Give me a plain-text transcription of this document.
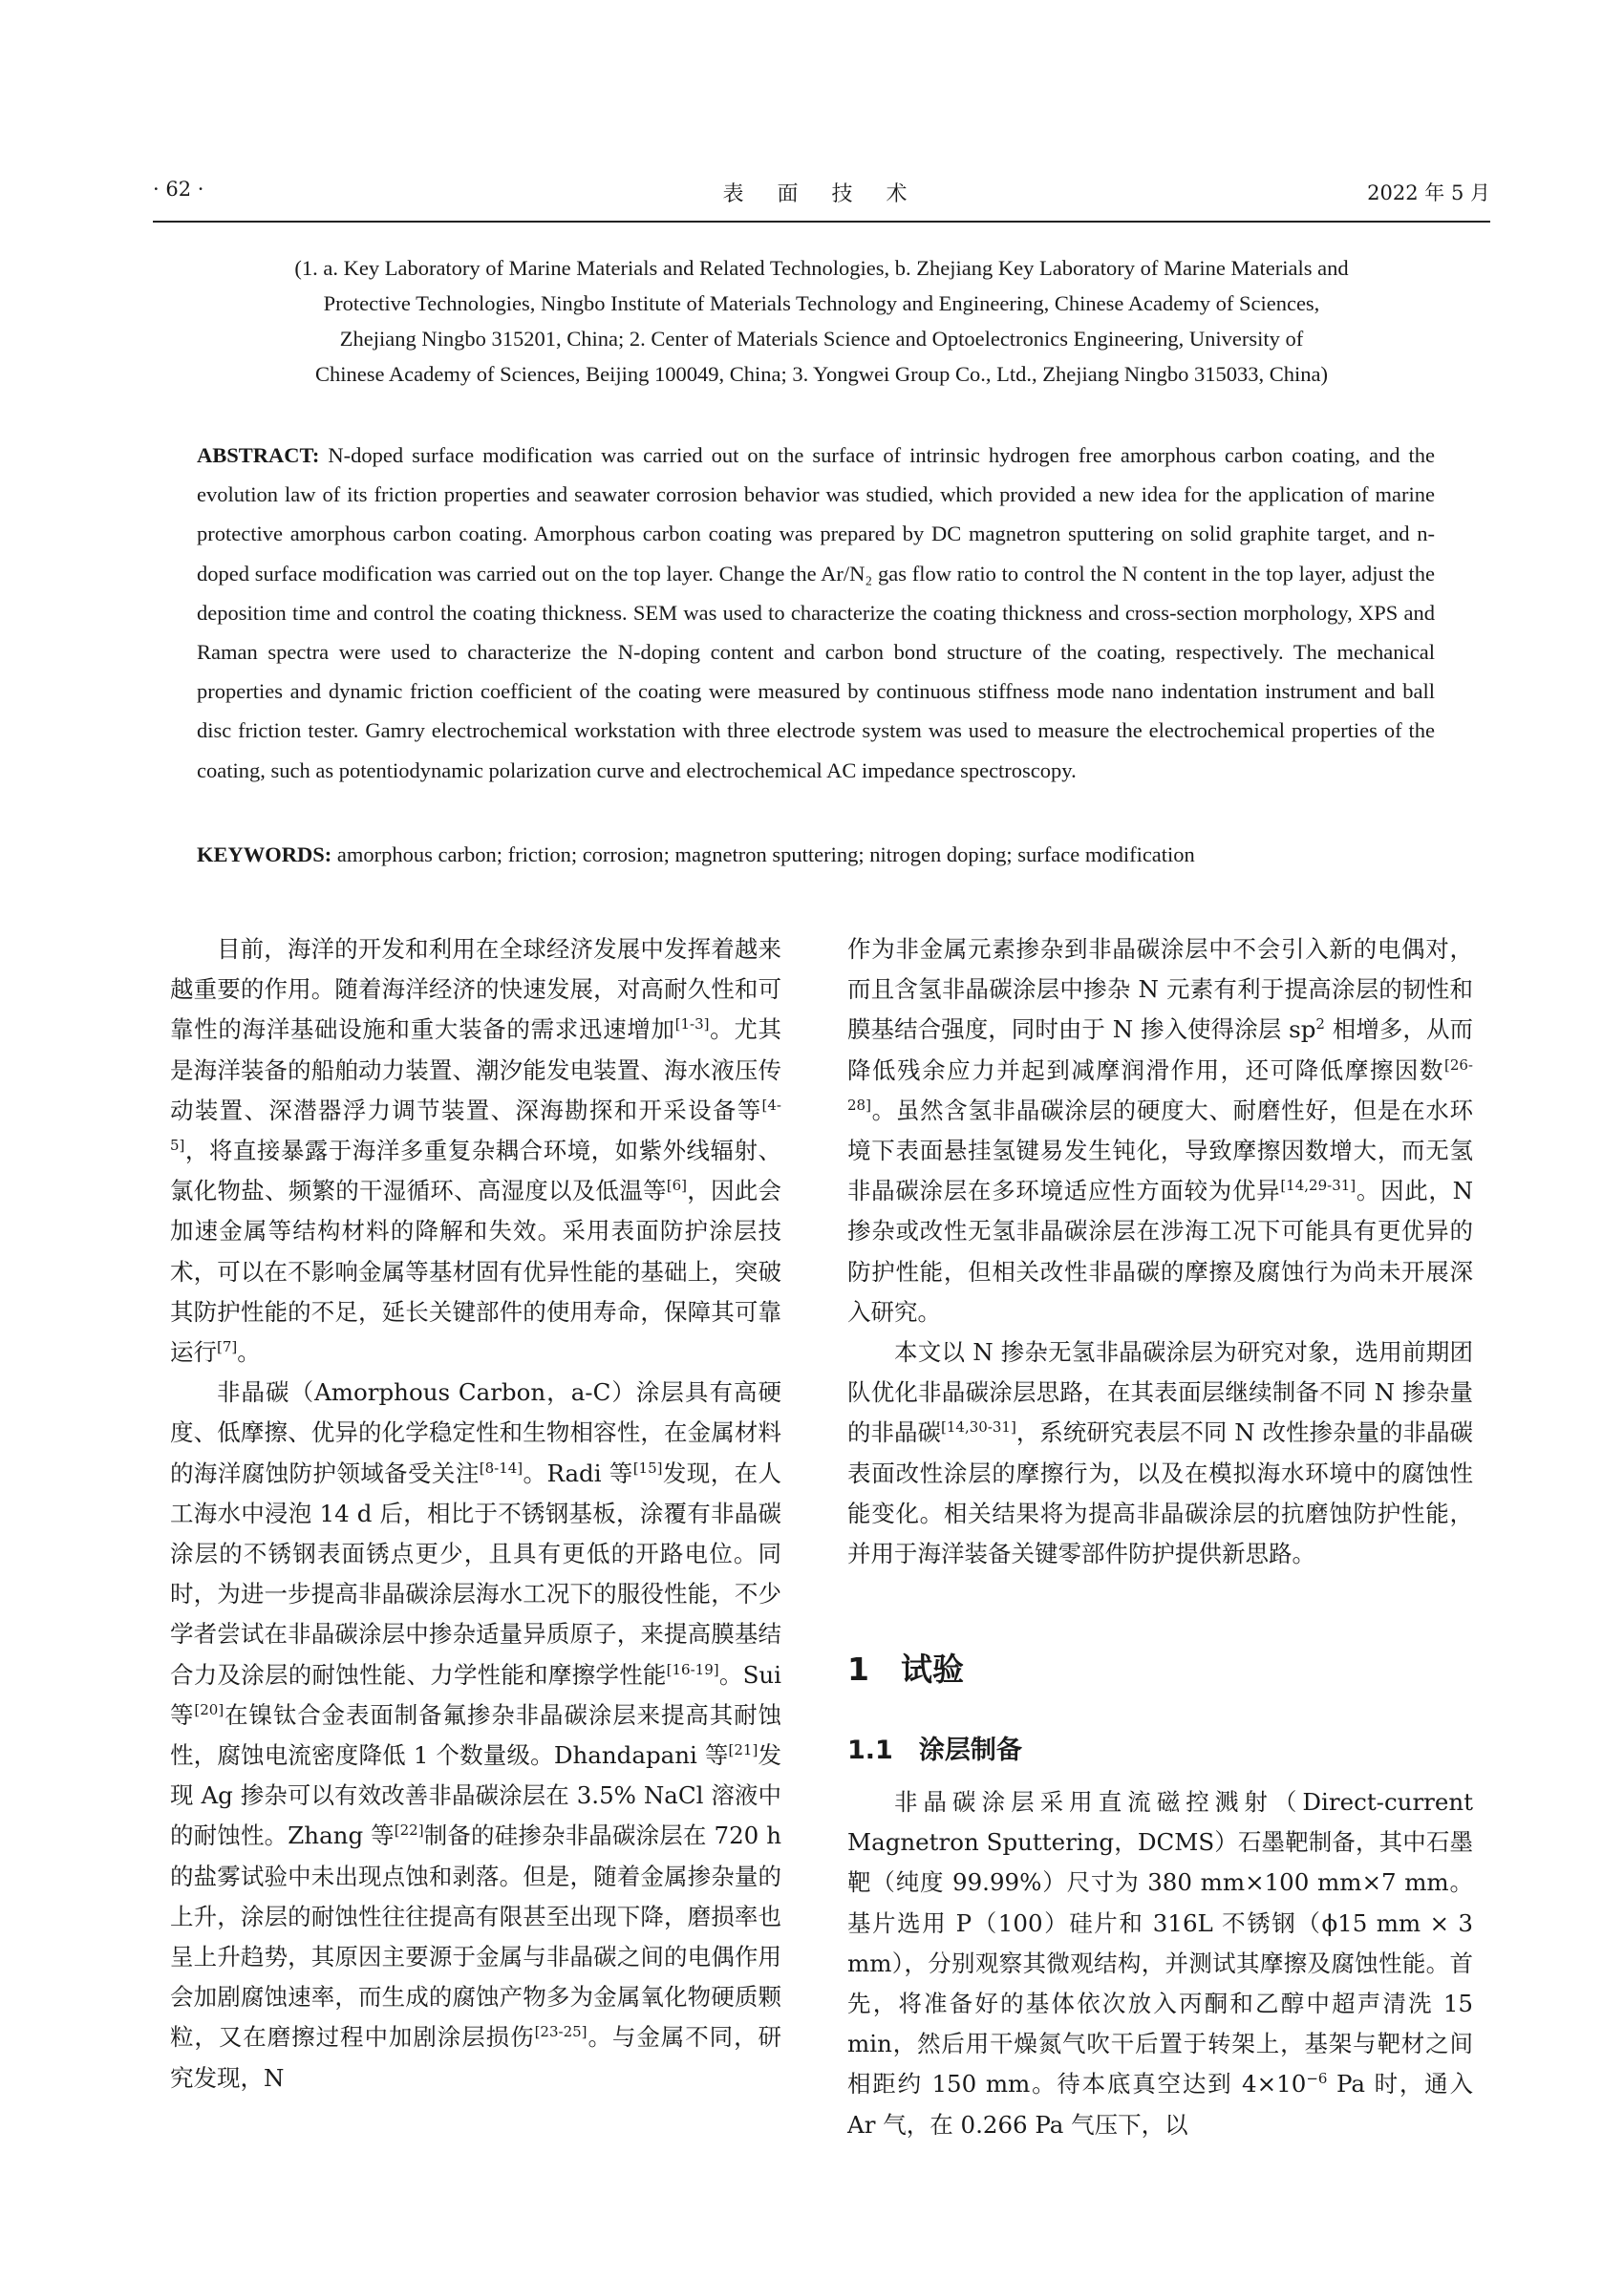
· 62 ·	表 面 技 术	2022 年 5 月
(1. a. Key Laboratory of Marine Materials and Related Technologies, b. Zhejiang Key Laboratory of Marine Materials and
Protective Technologies, Ningbo Institute of Materials Technology and Engineering, Chinese Academy of Sciences,
Zhejiang Ningbo 315201, China; 2. Center of Materials Science and Optoelectronics Engineering, University of
Chinese Academy of Sciences, Beijing 100049, China; 3. Yongwei Group Co., Ltd., Zhejiang Ningbo 315033, China)
ABSTRACT: N-doped surface modification was carried out on the surface of intrinsic hydrogen free amorphous carbon coating, and the evolution law of its friction properties and seawater corrosion behavior was studied, which provided a new idea for the application of marine protective amorphous carbon coating. Amorphous carbon coating was prepared by DC magnetron sputtering on solid graphite target, and n-doped surface modification was carried out on the top layer. Change the Ar/N₂ gas flow ratio to control the N content in the top layer, adjust the deposition time and control the coating thickness. SEM was used to characterize the coating thickness and cross-section morphology, XPS and Raman spectra were used to characterize the N-doping content and carbon bond structure of the coating, respectively. The mechanical properties and dynamic friction coefficient of the coating were measured by continuous stiffness mode nano indentation instrument and ball disc friction tester. Gamry electrochemical workstation with three electrode system was used to measure the electrochemical properties of the coating, such as potentiodynamic polarization curve and electrochemical AC impedance spectroscopy.
KEYWORDS: amorphous carbon; friction; corrosion; magnetron sputtering; nitrogen doping; surface modification

目前，海洋的开发和利用在全球经济发展中发挥着越来越重要的作用。随着海洋经济的快速发展，对高耐久性和可靠性的海洋基础设施和重大装备的需求迅速增加[1-3]。尤其是海洋装备的船舶动力装置、潮汐能发电装置、海水液压传动装置、深潜器浮力调节装置、深海勘探和开采设备等[4-5]，将直接暴露于海洋多重复杂耦合环境，如紫外线辐射、氯化物盐、频繁的干湿循环、高湿度以及低温等[6]，因此会加速金属等结构材料的降解和失效。采用表面防护涂层技术，可以在不影响金属等基材固有优异性能的基础上，突破其防护性能的不足，延长关键部件的使用寿命，保障其可靠运行[7]。

非晶碳（Amorphous Carbon，a-C）涂层具有高硬度、低摩擦、优异的化学稳定性和生物相容性，在金属材料的海洋腐蚀防护领域备受关注[8-14]。Radi 等[15]发现，在人工海水中浸泡 14 d 后，相比于不锈钢基板，涂覆有非晶碳涂层的不锈钢表面锈点更少，且具有更低的开路电位。同时，为进一步提高非晶碳涂层海水工况下的服役性能，不少学者尝试在非晶碳涂层中掺杂适量异质原子，来提高膜基结合力及涂层的耐蚀性能、力学性能和摩擦学性能[16-19]。Sui 等[20]在镍钛合金表面制备氟掺杂非晶碳涂层来提高其耐蚀性，腐蚀电流密度降低 1 个数量级。Dhandapani 等[21]发现 Ag 掺杂可以有效改善非晶碳涂层在 3.5% NaCl 溶液中的耐蚀性。Zhang 等[22]制备的硅掺杂非晶碳涂层在 720 h 的盐雾试验中未出现点蚀和剥落。但是，随着金属掺杂量的上升，涂层的耐蚀性往往提高有限甚至出现下降，磨损率也呈上升趋势，其原因主要源于金属与非晶碳之间的电偶作用会加剧腐蚀速率，而生成的腐蚀产物多为金属氧化物硬质颗粒，又在磨擦过程中加剧涂层损伤[23-25]。与金属不同，研究发现，N

作为非金属元素掺杂到非晶碳涂层中不会引入新的电偶对，而且含氢非晶碳涂层中掺杂 N 元素有利于提高涂层的韧性和膜基结合强度，同时由于 N 掺入使得涂层 $sp^2$ 相增多，从而降低残余应力并起到减摩润滑作用，还可降低摩擦因数[26-28]。虽然含氢非晶碳涂层的硬度大、耐磨性好，但是在水环境下表面悬挂氢键易发生钝化，导致摩擦因数增大，而无氢非晶碳涂层在多环境适应性方面较为优异[14,29-31]。因此，N 掺杂或改性无氢非晶碳涂层在涉海工况下可能具有更优异的防护性能，但相关改性非晶碳的摩擦及腐蚀行为尚未开展深入研究。

本文以 N 掺杂无氢非晶碳涂层为研究对象，选用前期团队优化非晶碳涂层思路，在其表面层继续制备不同 N 掺杂量的非晶碳[14,30-31]，系统研究表层不同 N 改性掺杂量的非晶碳表面改性涂层的摩擦行为，以及在模拟海水环境中的腐蚀性能变化。相关结果将为提高非晶碳涂层的抗磨蚀防护性能，并用于海洋装备关键零部件防护提供新思路。

1　试验
1.1　涂层制备

非晶碳涂层采用直流磁控溅射（Direct-current Magnetron Sputtering，DCMS）石墨靶制备，其中石墨靶（纯度 99.99%）尺寸为 380 mm×100 mm×7 mm。基片选用 P（100）硅片和 316L 不锈钢（ϕ15 mm × 3 mm），分别观察其微观结构，并测试其摩擦及腐蚀性能。首先，将准备好的基体依次放入丙酮和乙醇中超声清洗 15 min，然后用干燥氮气吹干后置于转架上，基架与靶材之间相距约 150 mm。待本底真空达到 $4\times 10^{-6}$ Pa 时，通入 Ar 气，在 0.266 Pa 气压下，以
